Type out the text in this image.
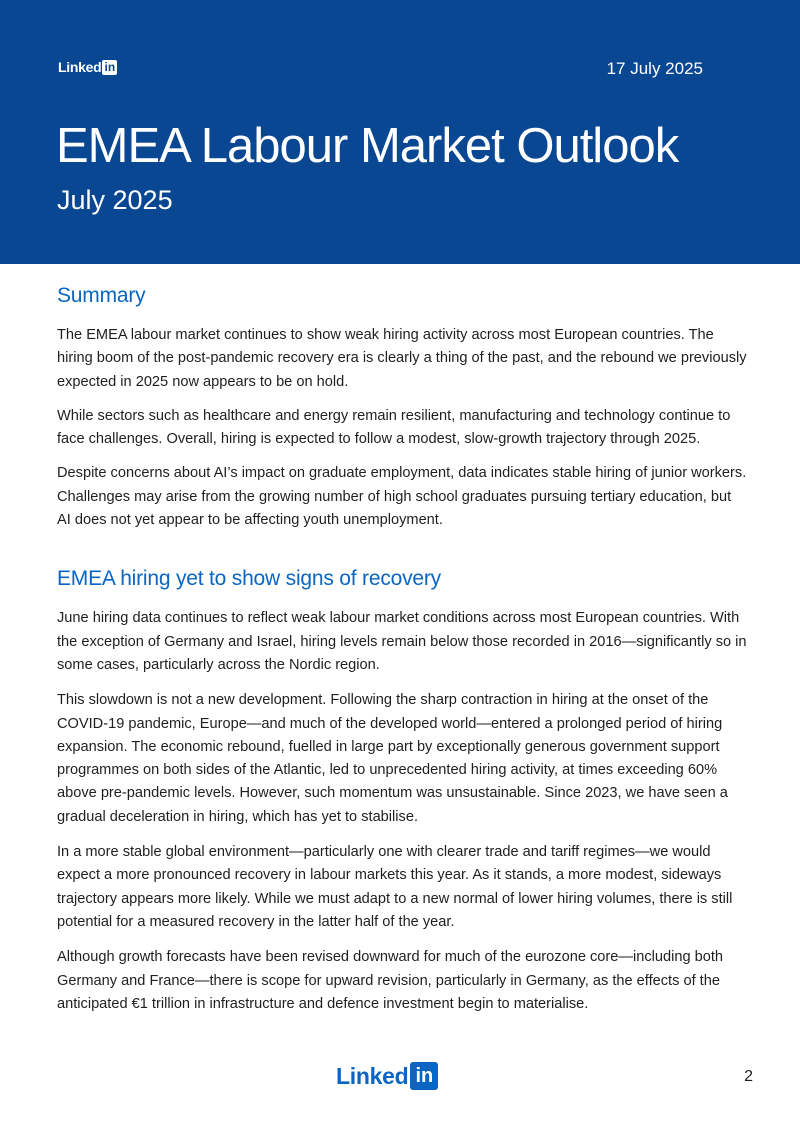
Linked in	17 July 2025
EMEA Labour Market Outlook
July 2025
Summary

The EMEA labour market continues to show weak hiring activity across most European countries. The hiring boom of the post-pandemic recovery era is clearly a thing of the past, and the rebound we previously expected in 2025 now appears to be on hold.

While sectors such as healthcare and energy remain resilient, manufacturing and technology continue to face challenges. Overall, hiring is expected to follow a modest, slow-growth trajectory through 2025.

Despite concerns about AI’s impact on graduate employment, data indicates stable hiring of junior workers. Challenges may arise from the growing number of high school graduates pursuing tertiary education, but AI does not yet appear to be affecting youth unemployment.

EMEA hiring yet to show signs of recovery

June hiring data continues to reflect weak labour market conditions across most European countries. With the exception of Germany and Israel, hiring levels remain below those recorded in 2016—significantly so in some cases, particularly across the Nordic region.

This slowdown is not a new development. Following the sharp contraction in hiring at the onset of the COVID-19 pandemic, Europe—and much of the developed world—entered a prolonged period of hiring expansion. The economic rebound, fuelled in large part by exceptionally generous government support programmes on both sides of the Atlantic, led to unprecedented hiring activity, at times exceeding 60% above pre-pandemic levels. However, such momentum was unsustainable. Since 2023, we have seen a gradual deceleration in hiring, which has yet to stabilise.

In a more stable global environment—particularly one with clearer trade and tariff regimes—we would expect a more pronounced recovery in labour markets this year. As it stands, a more modest, sideways trajectory appears more likely. While we must adapt to a new normal of lower hiring volumes, there is still potential for a measured recovery in the latter half of the year.

Although growth forecasts have been revised downward for much of the eurozone core—including both Germany and France—there is scope for upward revision, particularly in Germany, as the effects of the anticipated €1 trillion in infrastructure and defence investment begin to materialise.

Linked in	2
